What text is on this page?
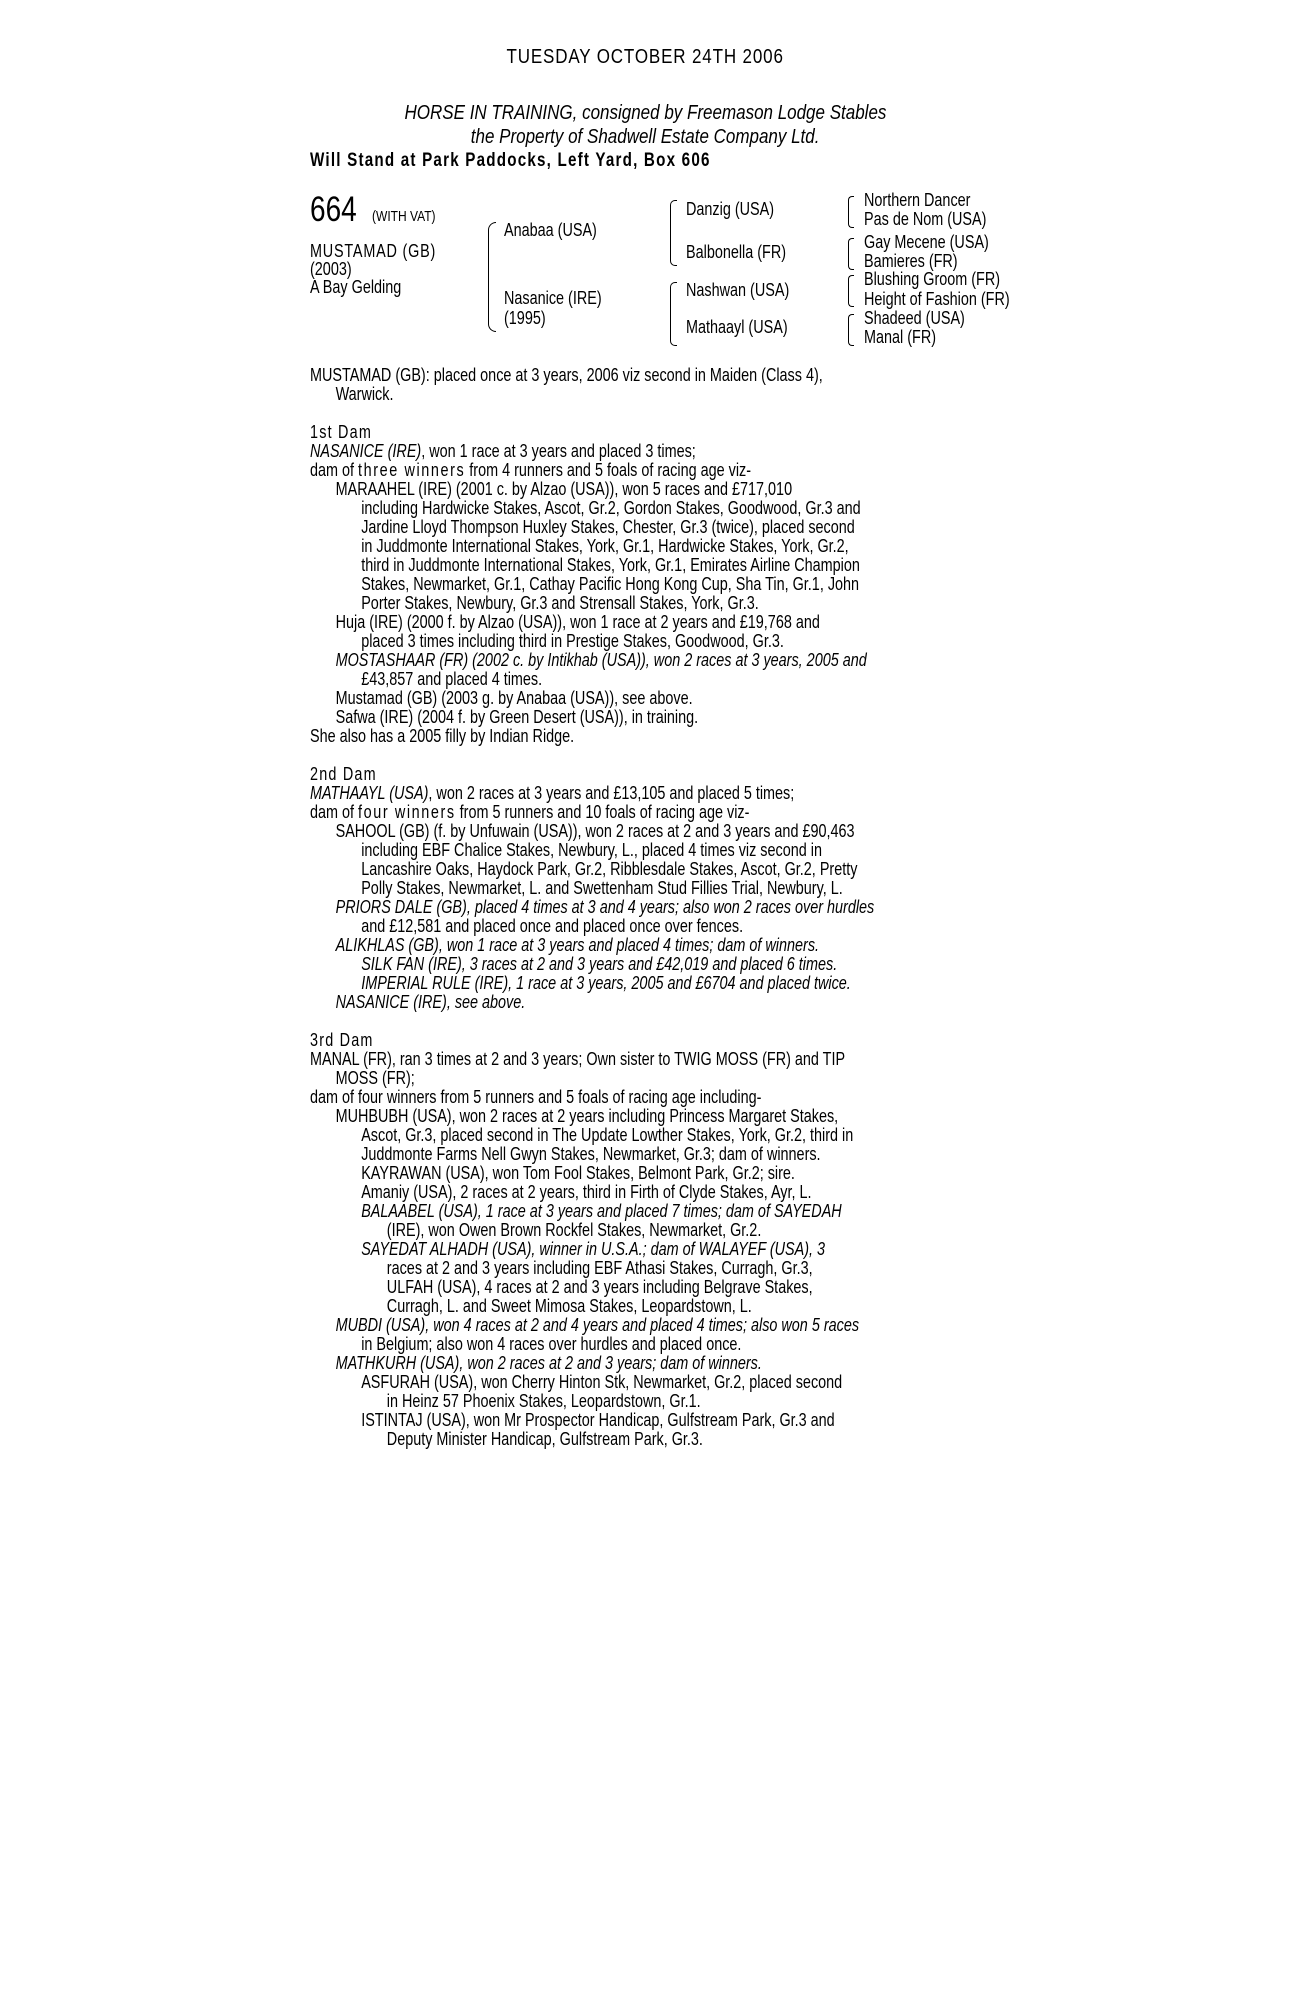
TUESDAY OCTOBER 24TH 2006
HORSE IN TRAINING, consigned by Freemason Lodge Stables
the Property of Shadwell Estate Company Ltd.
Will Stand at Park Paddocks, Left Yard, Box 606
664 (WITH VAT)
MUSTAMAD (GB)
(2003)
A Bay Gelding
Anabaa (USA)
Nasanice (IRE)
(1995)
Danzig (USA)
Balbonella (FR)
Nashwan (USA)
Mathaayl (USA)
Northern Dancer
Pas de Nom (USA)
Gay Mecene (USA)
Bamieres (FR)
Blushing Groom (FR)
Height of Fashion (FR)
Shadeed (USA)
Manal (FR)
MUSTAMAD (GB): placed once at 3 years, 2006 viz second in Maiden (Class 4),
Warwick.
1st Dam
NASANICE (IRE), won 1 race at 3 years and placed 3 times;
dam of three winners from 4 runners and 5 foals of racing age viz-
MARAAHEL (IRE) (2001 c. by Alzao (USA)), won 5 races and £717,010
including Hardwicke Stakes, Ascot, Gr.2, Gordon Stakes, Goodwood, Gr.3 and
Jardine Lloyd Thompson Huxley Stakes, Chester, Gr.3 (twice), placed second
in Juddmonte International Stakes, York, Gr.1, Hardwicke Stakes, York, Gr.2,
third in Juddmonte International Stakes, York, Gr.1, Emirates Airline Champion
Stakes, Newmarket, Gr.1, Cathay Pacific Hong Kong Cup, Sha Tin, Gr.1, John
Porter Stakes, Newbury, Gr.3 and Strensall Stakes, York, Gr.3.
Huja (IRE) (2000 f. by Alzao (USA)), won 1 race at 2 years and £19,768 and
placed 3 times including third in Prestige Stakes, Goodwood, Gr.3.
MOSTASHAAR (FR) (2002 c. by Intikhab (USA)), won 2 races at 3 years, 2005 and
£43,857 and placed 4 times.
Mustamad (GB) (2003 g. by Anabaa (USA)), see above.
Safwa (IRE) (2004 f. by Green Desert (USA)), in training.
She also has a 2005 filly by Indian Ridge.
2nd Dam
MATHAAYL (USA), won 2 races at 3 years and £13,105 and placed 5 times;
dam of four winners from 5 runners and 10 foals of racing age viz-
SAHOOL (GB) (f. by Unfuwain (USA)), won 2 races at 2 and 3 years and £90,463
including EBF Chalice Stakes, Newbury, L., placed 4 times viz second in
Lancashire Oaks, Haydock Park, Gr.2, Ribblesdale Stakes, Ascot, Gr.2, Pretty
Polly Stakes, Newmarket, L. and Swettenham Stud Fillies Trial, Newbury, L.
PRIORS DALE (GB), placed 4 times at 3 and 4 years; also won 2 races over hurdles
and £12,581 and placed once and placed once over fences.
ALIKHLAS (GB), won 1 race at 3 years and placed 4 times; dam of winners.
SILK FAN (IRE), 3 races at 2 and 3 years and £42,019 and placed 6 times.
IMPERIAL RULE (IRE), 1 race at 3 years, 2005 and £6704 and placed twice.
NASANICE (IRE), see above.
3rd Dam
MANAL (FR), ran 3 times at 2 and 3 years; Own sister to TWIG MOSS (FR) and TIP
MOSS (FR);
dam of four winners from 5 runners and 5 foals of racing age including-
MUHBUBH (USA), won 2 races at 2 years including Princess Margaret Stakes,
Ascot, Gr.3, placed second in The Update Lowther Stakes, York, Gr.2, third in
Juddmonte Farms Nell Gwyn Stakes, Newmarket, Gr.3; dam of winners.
KAYRAWAN (USA), won Tom Fool Stakes, Belmont Park, Gr.2; sire.
Amaniy (USA), 2 races at 2 years, third in Firth of Clyde Stakes, Ayr, L.
BALAABEL (USA), 1 race at 3 years and placed 7 times; dam of SAYEDAH
(IRE), won Owen Brown Rockfel Stakes, Newmarket, Gr.2.
SAYEDAT ALHADH (USA), winner in U.S.A.; dam of WALAYEF (USA), 3
races at 2 and 3 years including EBF Athasi Stakes, Curragh, Gr.3,
ULFAH (USA), 4 races at 2 and 3 years including Belgrave Stakes,
Curragh, L. and Sweet Mimosa Stakes, Leopardstown, L.
MUBDI (USA), won 4 races at 2 and 4 years and placed 4 times; also won 5 races
in Belgium; also won 4 races over hurdles and placed once.
MATHKURH (USA), won 2 races at 2 and 3 years; dam of winners.
ASFURAH (USA), won Cherry Hinton Stk, Newmarket, Gr.2, placed second
in Heinz 57 Phoenix Stakes, Leopardstown, Gr.1.
ISTINTAJ (USA), won Mr Prospector Handicap, Gulfstream Park, Gr.3 and
Deputy Minister Handicap, Gulfstream Park, Gr.3.
